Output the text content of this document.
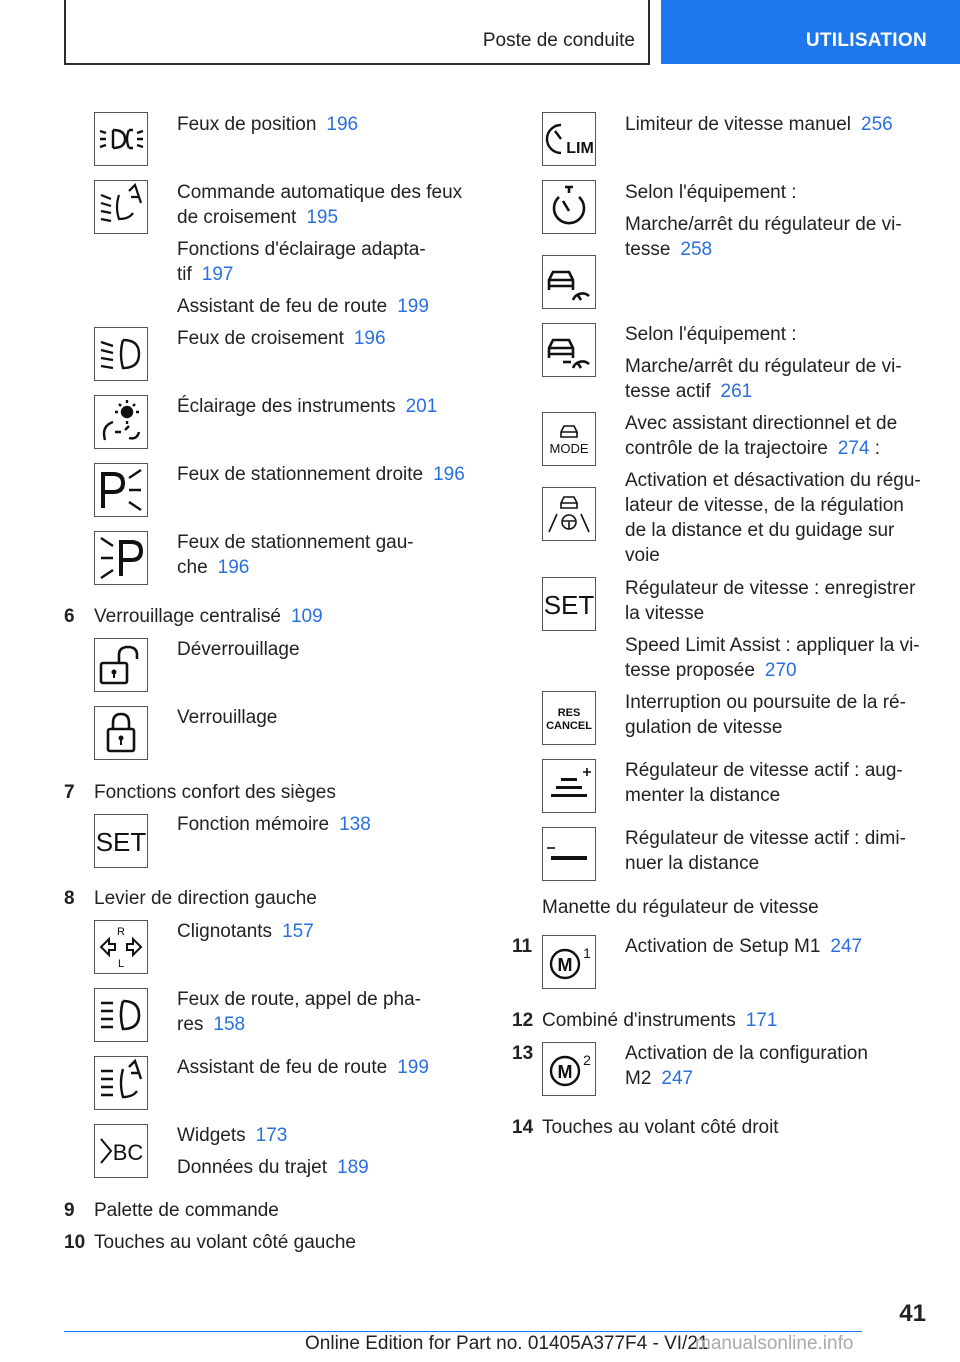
Poste de conduite	UTILISATION
Feux de position 196
Commande automatique des feux
de croisement 195
Fonctions d'éclairage adapta-
tif 197
Assistant de feu de route 199
Feux de croisement 196
Éclairage des instruments 201
Feux de stationnement droite 196
Feux de stationnement gau-
che 196
6 Verrouillage centralisé 109
Déverrouillage
Verrouillage
7 Fonctions confort des sièges
SET
Fonction mémoire 138
8 Levier de direction gauche
R
L
Clignotants 157
Feux de route, appel de pha-
res 158
Assistant de feu de route 199
BC
Widgets 173
Données du trajet 189
9 Palette de commande
10 Touches au volant côté gauche
LIM
Limiteur de vitesse manuel 256
Selon l'équipement :
Marche/arrêt du régulateur de vi-
tesse 258
Selon l'équipement :
Marche/arrêt du régulateur de vi-
tesse actif 261
MODE
Avec assistant directionnel et de
contrôle de la trajectoire 274 :
Activation et désactivation du régu-
lateur de vitesse, de la régulation
de la distance et du guidage sur
voie
SET
Régulateur de vitesse : enregistrer
la vitesse
Speed Limit Assist : appliquer la vi-
tesse proposée 270
RES
CANCEL
Interruption ou poursuite de la ré-
gulation de vitesse
Régulateur de vitesse actif : aug-
menter la distance
Régulateur de vitesse actif : dimi-
nuer la distance
Manette du régulateur de vitesse
11
M
1 Activation de Setup M1 247
12 Combiné d'instruments 171
13
M
2 Activation de la configuration
M2 247
14 Touches au volant côté droit
41
Online Edition for Part no. 01405A377F4 - VI/21
manualsonline.info
